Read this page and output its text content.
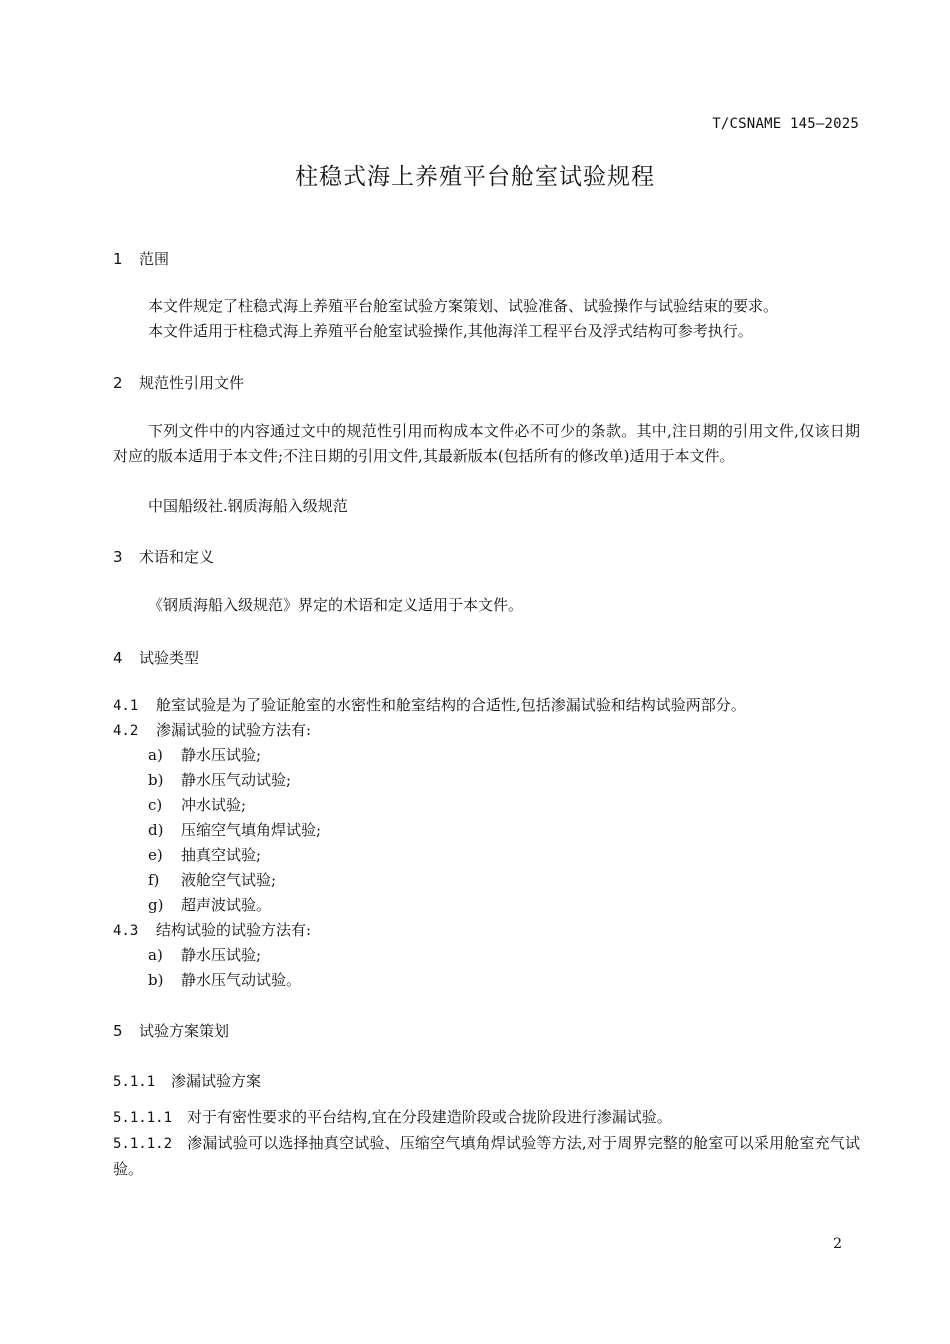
T/CSNAME 145—2025
柱稳式海上养殖平台舱室试验规程
1 范围
本文件规定了柱稳式海上养殖平台舱室试验方案策划、试验准备、试验操作与试验结束的要求。
本文件适用于柱稳式海上养殖平台舱室试验操作,其他海洋工程平台及浮式结构可参考执行。
2 规范性引用文件
下列文件中的内容通过文中的规范性引用而构成本文件必不可少的条款。其中,注日期的引用文件,仅该日期对应的版本适用于本文件;不注日期的引用文件,其最新版本(包括所有的修改单)适用于本文件。
中国船级社.钢质海船入级规范
3 术语和定义
《钢质海船入级规范》界定的术语和定义适用于本文件。
4 试验类型
4.1 舱室试验是为了验证舱室的水密性和舱室结构的合适性,包括渗漏试验和结构试验两部分。
4.2 渗漏试验的试验方法有:
a) 静水压试验;
b) 静水压气动试验;
c) 冲水试验;
d) 压缩空气填角焊试验;
e) 抽真空试验;
f) 液舱空气试验;
g) 超声波试验。
4.3 结构试验的试验方法有:
a) 静水压试验;
b) 静水压气动试验。
5 试验方案策划
5.1.1 渗漏试验方案
5.1.1.1 对于有密性要求的平台结构,宜在分段建造阶段或合拢阶段进行渗漏试验。
5.1.1.2 渗漏试验可以选择抽真空试验、压缩空气填角焊试验等方法,对于周界完整的舱室可以采用舱室充气试验。
2
